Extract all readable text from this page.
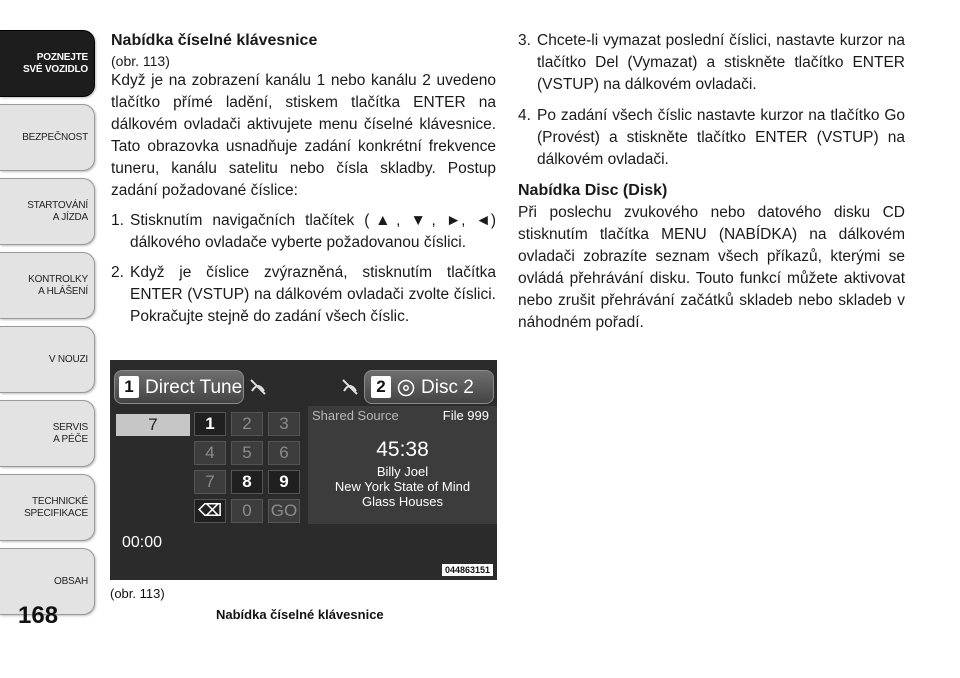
POZNEJTE
SVÉ VOZIDLO
BEZPEČNOST
STARTOVÁNÍ
A JÍZDA
KONTROLKY
A HLÁŠENÍ
V NOUZI
SERVIS
A PÉČE
TECHNICKÉ
SPECIFIKACE
OBSAH
168
Nabídka číselné klávesnice

(obr. 113)

Když je na zobrazení kanálu 1 nebo kanálu 2 uvedeno tlačítko přímé ladění, stiskem tlačítka ENTER na dálkovém ovladači aktivujete menu číselné klávesnice. Tato obrazovka usnadňuje zadání konkrétní frekvence tuneru, kanálu satelitu nebo čísla skladby. Postup zadání požadované číslice:

1. Stisknutím navigačních tlačítek (▲, ▼, ►, ◄) dálkového ovladače vyberte požadovanou číslici.
2. Když je číslice zvýrazněná, stisknutím tlačítka ENTER (VSTUP) na dálkovém ovladači zvolte číslici. Pokračujte stejně do zadání všech číslic.
3. Chcete-li vymazat poslední číslici, nastavte kurzor na tlačítko Del (Vymazat) a stiskněte tlačítko ENTER (VSTUP) na dálkovém ovladači.
4. Po zadání všech číslic nastavte kurzor na tlačítko Go (Provést) a stiskněte tlačítko ENTER (VSTUP) na dálkovém ovladači.
Nabídka Disc (Disk)

Při poslechu zvukového nebo datového disku CD stisknutím tlačítka MENU (NABÍDKA) na dálkovém ovladači zobrazíte seznam všech příkazů, kterými se ovládá přehrávání disku. Touto funkcí můžete aktivovat nebo zrušit přehrávání začátků skladeb nebo skladeb v náhodném pořadí.

1 Direct Tune	2 Disc 2
7	1	2	3
4	5	6
7	8	9
⌫	0	GO
00:00
Shared Source	File 999
45:38
Billy Joel
New York State of Mind
Glass Houses
044863151
(obr. 113)
Nabídka číselné klávesnice
